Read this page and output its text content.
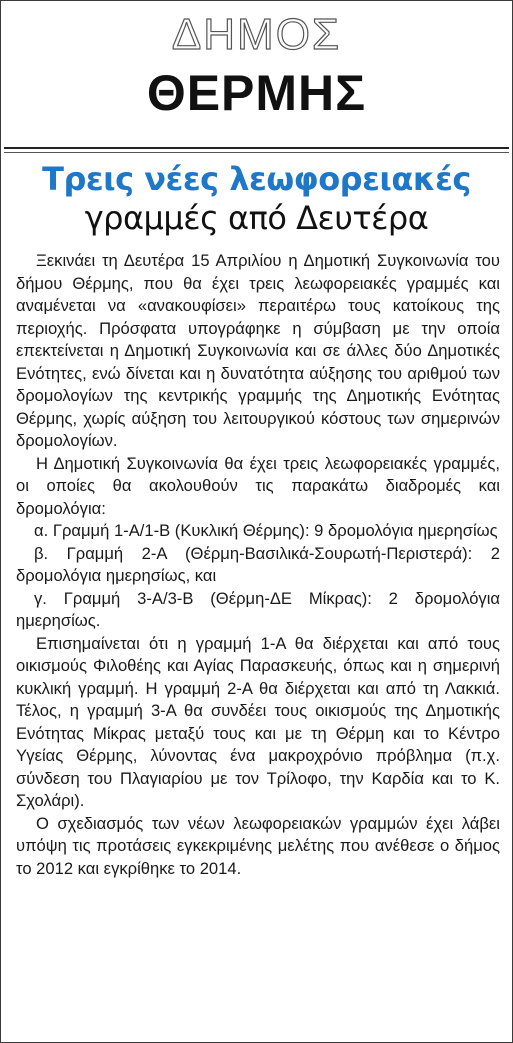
ΔΗΜΟΣ
ΘΕΡΜΗΣ
Τρεις νέες λεωφορειακές
γραμμές από Δευτέρα

Ξεκινάει τη Δευτέρα 15 Απριλίου η Δημοτική Συγκοινωνία του δήμου Θέρμης, που θα έχει τρεις λεωφορειακές γραμμές και αναμένεται να «ανακουφίσει» περαιτέρω τους κατοίκους της περιοχής. Πρόσφατα υπογράφηκε η σύμβαση με την οποία επεκτείνεται η Δημοτική Συγκοινωνία και σε άλλες δύο Δημοτικές Ενότητες, ενώ δίνεται και η δυνατότητα αύξησης του αριθμού των δρομολογίων της κεντρικής γραμμής της Δημοτικής Ενότητας Θέρμης, χωρίς αύξηση του λειτουργικού κόστους των σημερινών δρομολογίων.

Η Δημοτική Συγκοινωνία θα έχει τρεις λεωφορειακές γραμμές, οι οποίες θα ακολουθούν τις παρακάτω διαδρομές και δρομολόγια:

α. Γραμμή 1-Α/1-Β (Κυκλική Θέρμης): 9 δρομολόγια ημερησίως

β. Γραμμή 2-Α (Θέρμη-Βασιλικά-Σουρωτή-Περιστερά): 2 δρομολόγια ημερησίως, και

γ. Γραμμή 3-Α/3-Β (Θέρμη-ΔΕ Μίκρας): 2 δρομολόγια ημερησίως.

Επισημαίνεται ότι η γραμμή 1-Α θα διέρχεται και από τους οικισμούς Φιλοθέης και Αγίας Παρασκευής, όπως και η σημερινή κυκλική γραμμή. Η γραμμή 2-Α θα διέρχεται και από τη Λακκιά. Τέλος, η γραμμή 3-Α θα συνδέει τους οικισμούς της Δημοτικής Ενότητας Μίκρας μεταξύ τους και με τη Θέρμη και το Κέντρο Υγείας Θέρμης, λύνοντας ένα μακροχρόνιο πρόβλημα (π.χ. σύνδεση του Πλαγιαρίου με τον Τρίλοφο, την Καρδία και το Κ. Σχολάρι).

Ο σχεδιασμός των νέων λεωφορειακών γραμμών έχει λάβει υπόψη τις προτάσεις εγκεκριμένης μελέτης που ανέθεσε ο δήμος το 2012 και εγκρίθηκε το 2014.
